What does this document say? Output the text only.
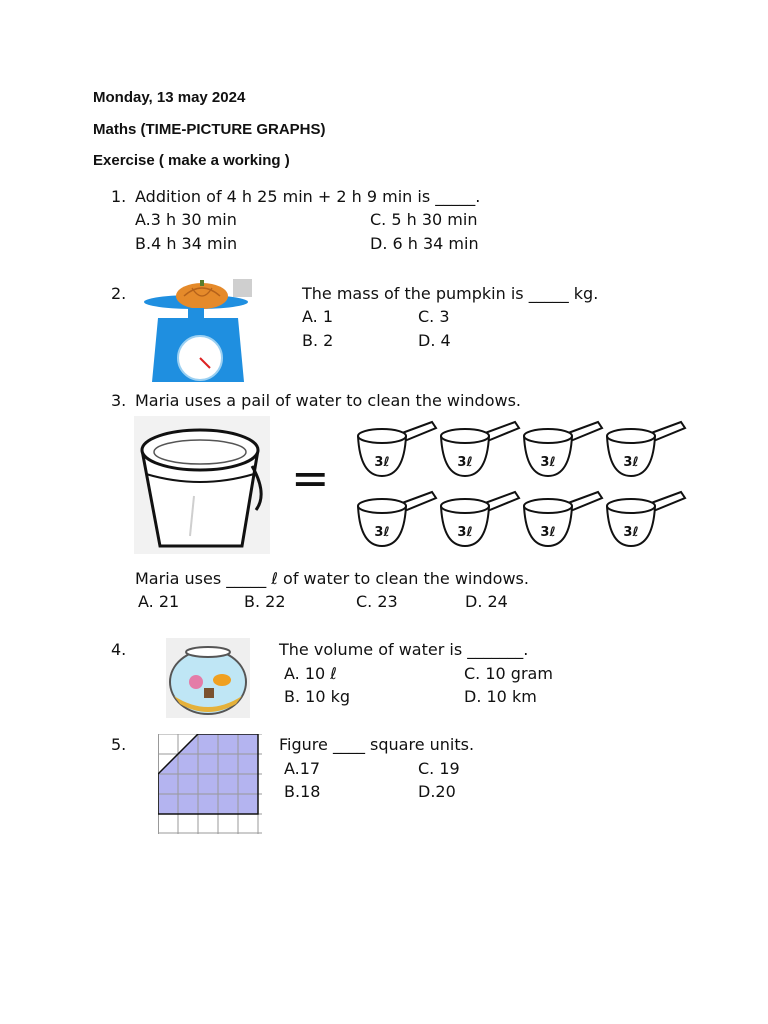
Monday, 13 may 2024
Maths (TIME-PICTURE GRAPHS)
Exercise ( make a working )
1. Addition of 4 h 25 min + 2 h 9 min is _____.
A.3 h 30 min
B.4 h 34 min
C. 5 h 30 min
D. 6 h 34 min
2.	The mass of the pumpkin is _____ kg.
A. 1
B. 2
C. 3
D. 4
3. Maria uses a pail of water to clean the windows.
=	3ℓ	3ℓ	3ℓ	3ℓ
3ℓ	3ℓ	3ℓ	3ℓ
Maria uses _____ ℓ of water to clean the windows.
A. 21	B. 22	C. 23	D. 24
4.	The volume of water is _______.
A. 10 ℓ
B. 10 kg
C. 10 gram
D. 10 km
5.	Figure ____ square units.
A.17
B.18
C. 19
D.20
